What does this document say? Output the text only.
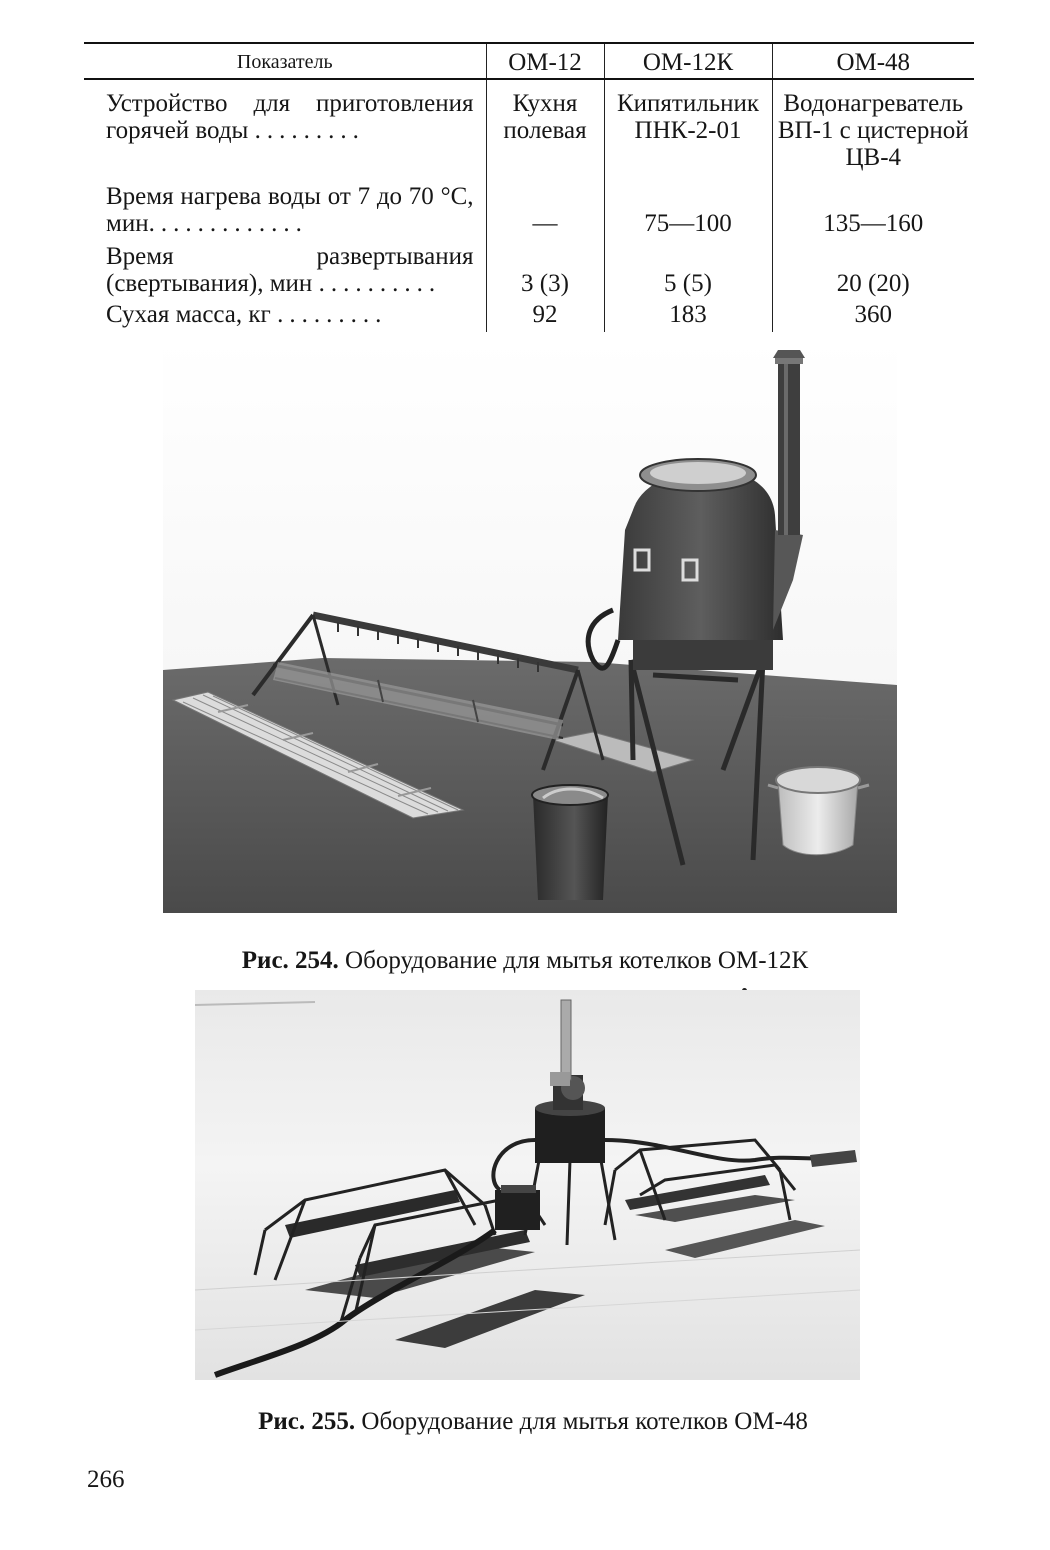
Показатель	ОМ-12	ОМ-12К	ОМ-48

Устройство для приготовления горячей воды .........	Кухня полевая	Кипятильник ПНК-2-01	Водонагреватель ВП-1 с цистерной ЦВ-4

Время нагрева воды от 7 до 70 °С, мин.............	—	75—100	135—160

Время развертывания (свертывания), мин ..........	3 (3)	5 (5)	20 (20)

Сухая масса, кг .........	92	183	360
Рис. 254. Оборудование для мытья котелков ОМ-12К
Рис. 255. Оборудование для мытья котелков ОМ-48
266
